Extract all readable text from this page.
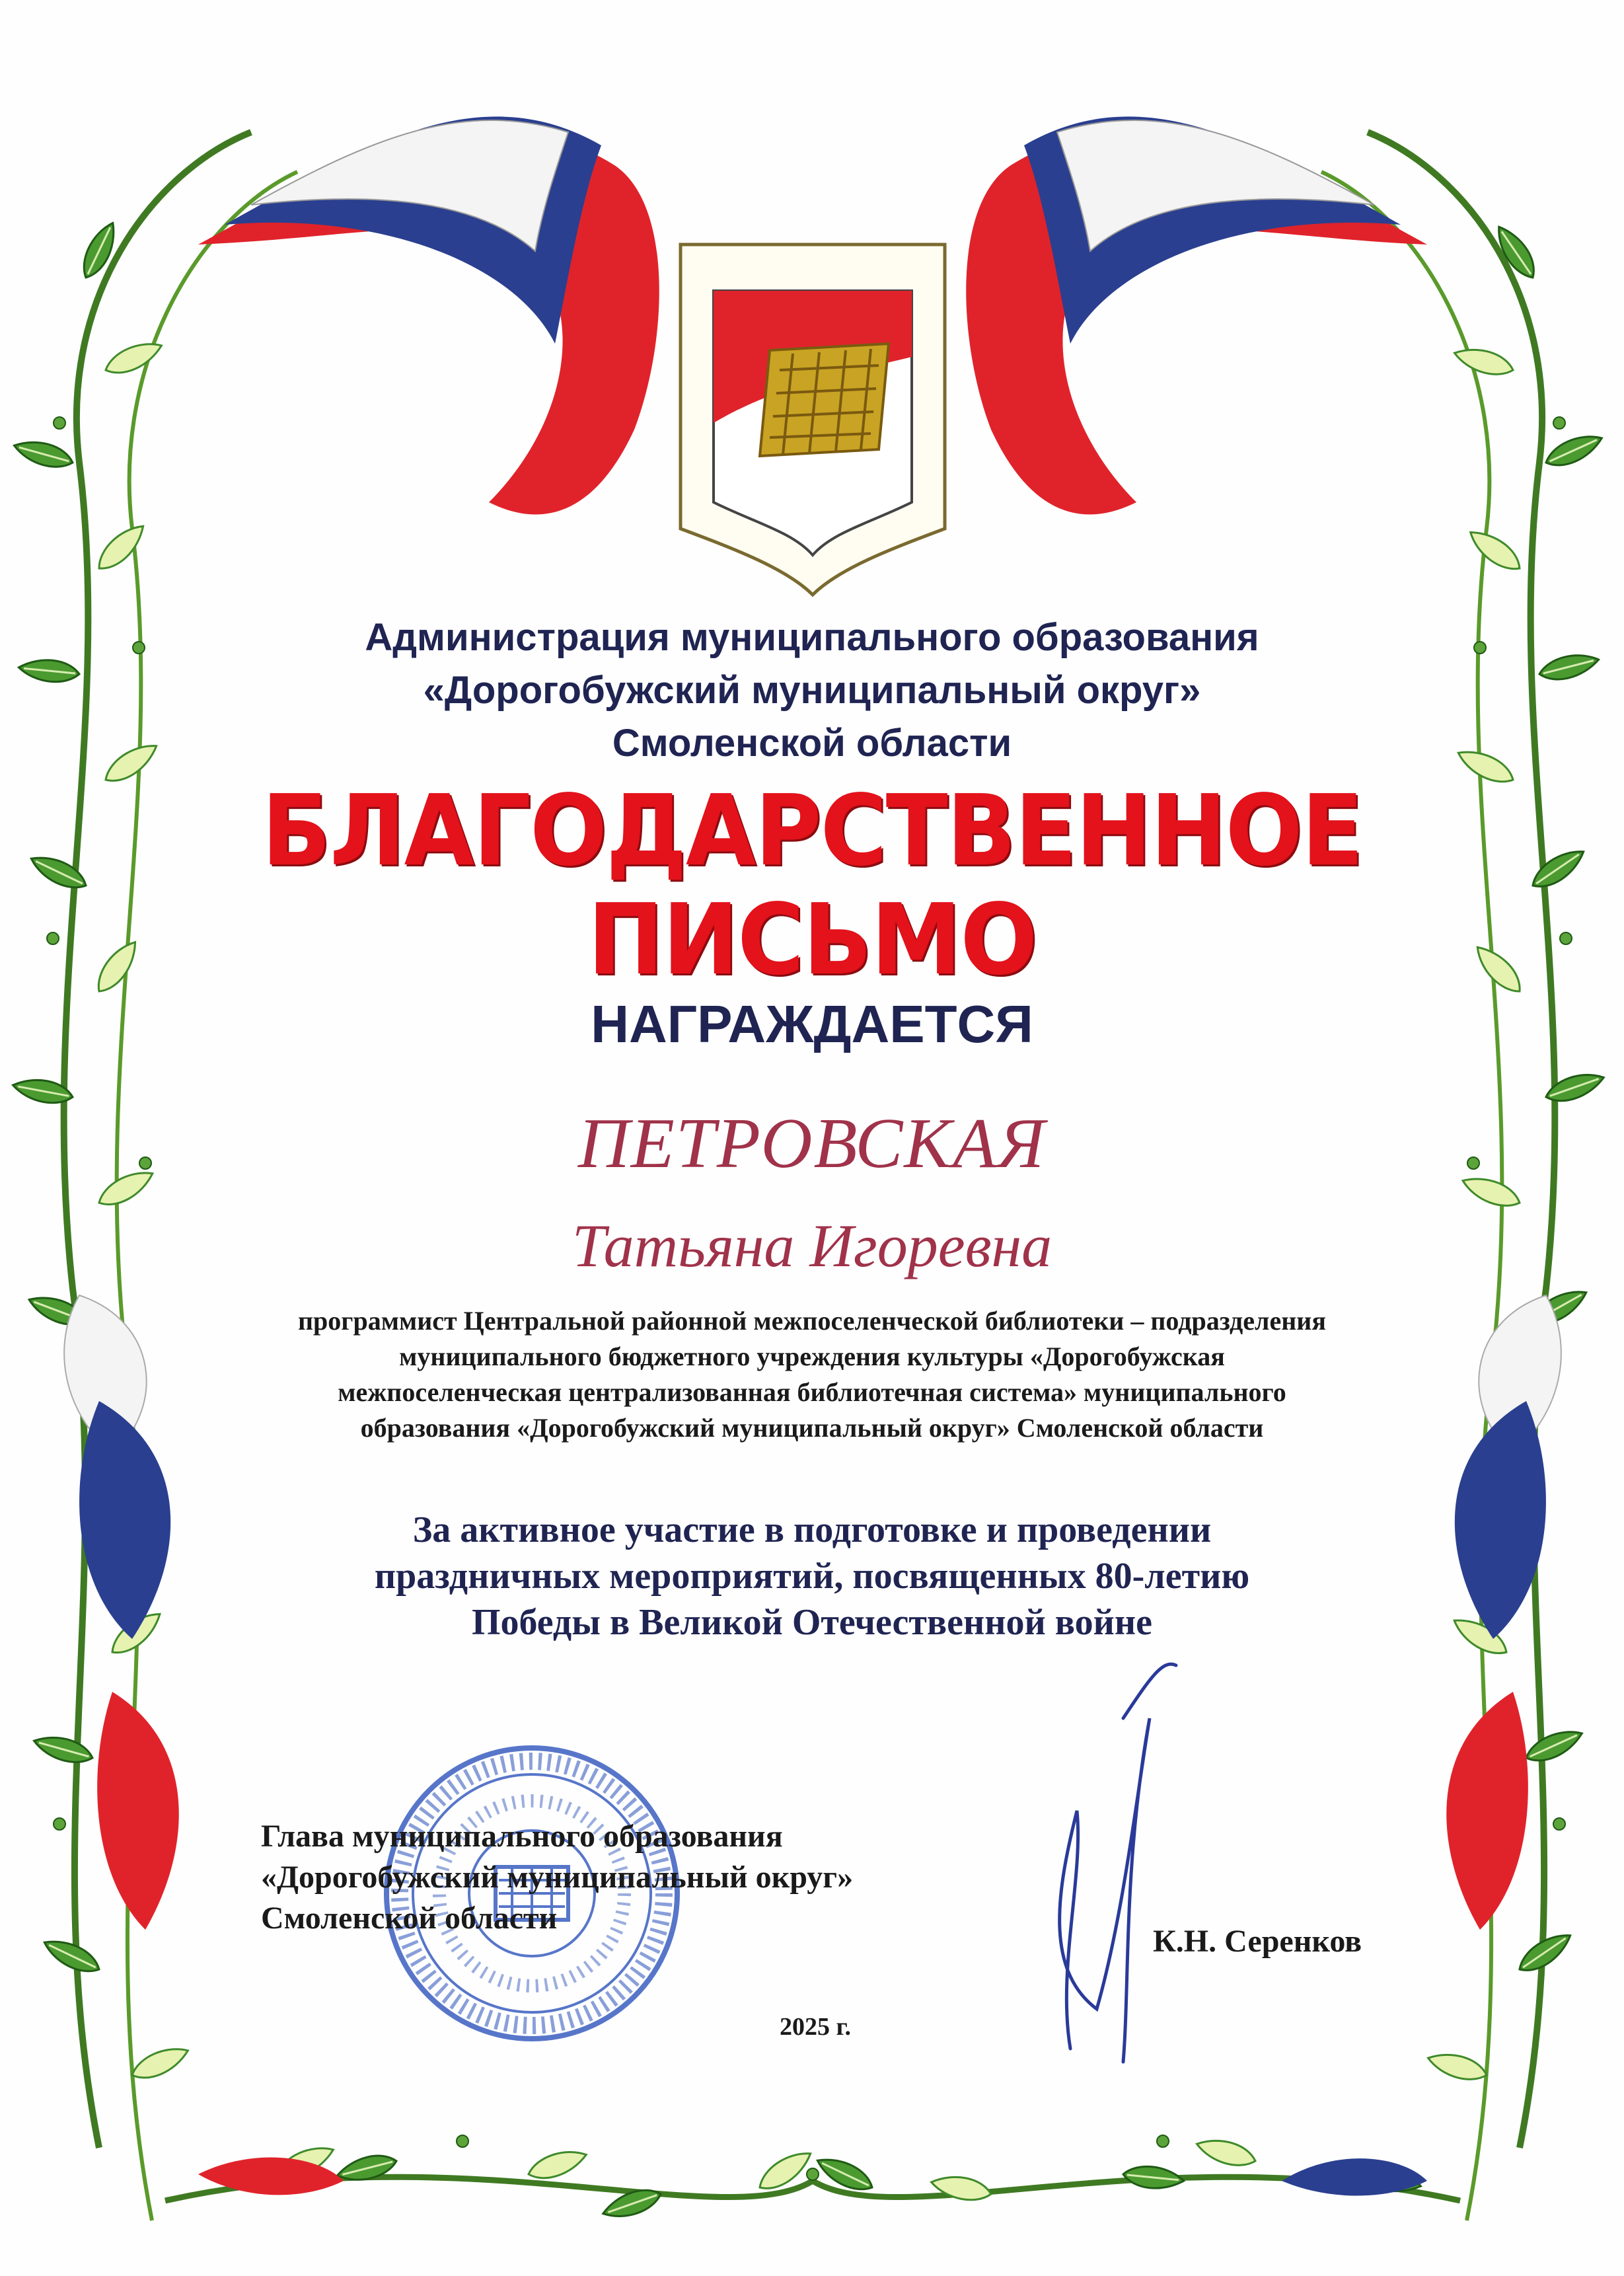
Администрация муниципального образования
«Дорогобужский муниципальный округ»
Смоленской области
БЛАГОДАРСТВЕННОЕ
ПИСЬМО
НАГРАЖДАЕТСЯ
ПЕТРОВСКАЯ
Татьяна Игоревна
программист Центральной районной межпоселенческой библиотеки – подразделения
муниципального бюджетного учреждения культуры «Дорогобужская
межпоселенческая централизованная библиотечная система» муниципального
образования «Дорогобужский муниципальный округ» Смоленской области
За активное участие в подготовке и проведении
праздничных мероприятий, посвященных 80-летию
Победы в Великой Отечественной войне
Глава муниципального образования
«Дорогобужский муниципальный округ»
Смоленской области
К.Н. Серенков
2025 г.
